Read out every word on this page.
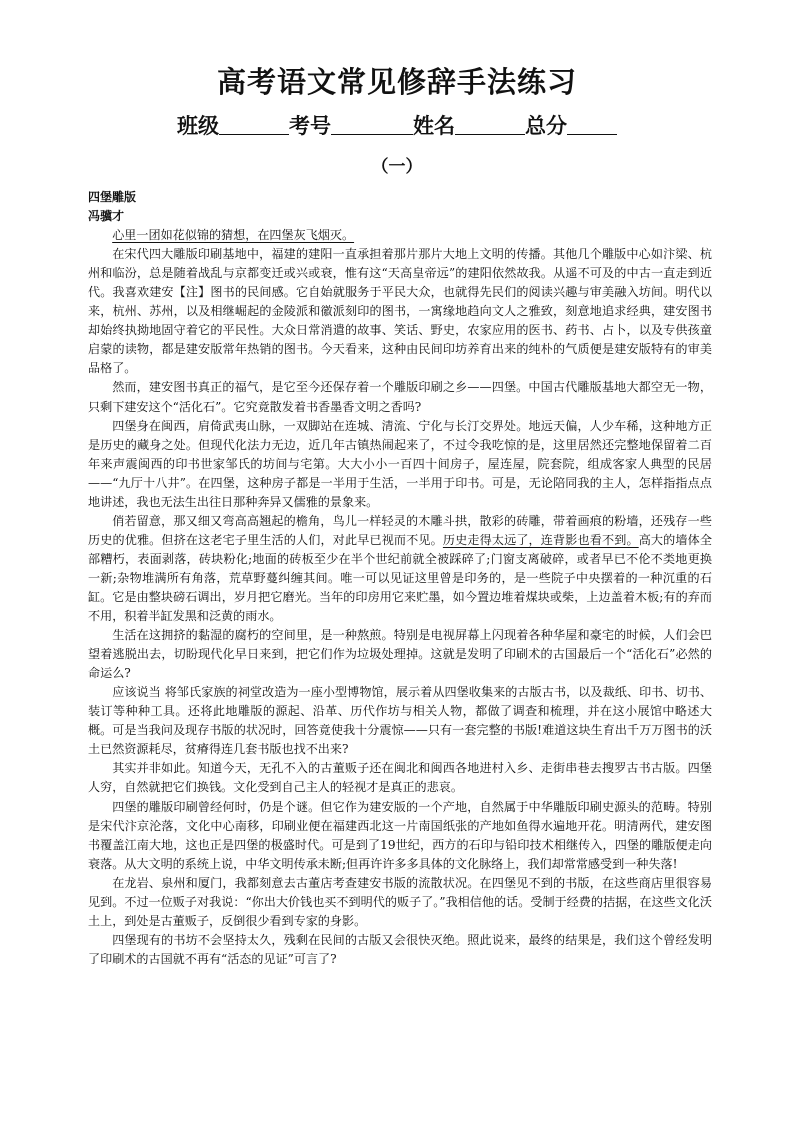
高考语文常见修辞手法练习
班级	考号	姓名	总分
（一）

四堡雕版

冯骥才

心里一团如花似锦的猜想，在四堡灰飞烟灭。

在宋代四大雕版印刷基地中，福建的建阳一直承担着那片那片大地上文明的传播。其他几个雕版中心如汴梁、杭州和临汾，总是随着战乱与京都变迁或兴或衰，惟有这“天高皇帝远”的建阳依然故我。从遥不可及的中古一直走到近代。我喜欢建安【注】图书的民间感。它自始就服务于平民大众，也就得先民们的阅读兴趣与审美融入坊间。明代以来，杭州、苏州，以及相继崛起的金陵派和徽派刻印的图书，一寓缘地趋向文人之雅致，刻意地追求经典，建安图书却始终执拗地固守着它的平民性。大众日常消遣的故事、笑话、野史，农家应用的医书、药书、占卜，以及专供孩童启蒙的读物，都是建安版常年热销的图书。今天看来，这种由民间印坊养育出来的纯朴的气质便是建安版特有的审美品格了。

然而，建安图书真正的福气，是它至今还保存着一个雕版印刷之乡——四堡。中国古代雕版基地大都空无一物，只剩下建安这个“活化石”。它究竟散发着书香墨香文明之香吗?

四堡身在闽西，肩倚武夷山脉，一双脚站在连城、清流、宁化与长汀交界处。地远天偏，人少车稀，这种地方正是历史的藏身之处。但现代化法力无边，近几年古镇热闹起来了，不过令我吃惊的是，这里居然还完整地保留着二百年来声震闽西的印书世家邹氏的坊间与宅第。大大小小一百四十间房子，屋连屋，院套院，组成客家人典型的民居——“九厅十八井”。在四堡，这种房子都是一半用于生活，一半用于印书。可是，无论陪同我的主人，怎样指指点点地讲述，我也无法生出往日那种奔异又儒雅的景象来。

俏若留意，那又细又弯高高翘起的檐角，鸟儿一样轻灵的木雕斗拱，散彩的砖雕，带着画痕的粉墙，还残存一些历史的优雅。但挤在这老宅子里生活的人们，对此早已视而不见。历史走得太远了，连背影也看不到。高大的墙体全部糟朽，表面剥落，砖块粉化;地面的砖板至少在半个世纪前就全被踩碎了;门窗支离破碎，或者早已不伦不类地更换一新;杂物堆满所有角落，荒草野蔓纠缠其间。唯一可以见证这里曾是印务的，是一些院子中央摆着的一种沉重的石缸。它是由整块磅石调出，岁月把它磨光。当年的印房用它来贮墨，如今置边堆着煤块或柴，上边盖着木板;有的弃而不用，积着半缸发黑和泛黄的雨水。

生活在这拥挤的黏湿的腐朽的空间里，是一种熬煎。特别是电视屏幕上闪现着各种华屋和豪宅的时候，人们会巴望着逃脱出去，切盼现代化早日来到，把它们作为垃圾处理掉。这就是发明了印刷术的古国最后一个“活化石”必然的命运么?

应该说当 将邹氏家族的祠堂改造为一座小型博物馆，展示着从四堡收集来的古版古书，以及裁纸、印书、切书、装订等种种工具。还将此地雕版的源起、沿革、历代作坊与相关人物，都做了调查和梳理，并在这小展馆中略述大概。可是当我问及现存书版的状况时，回答竟使我十分震惊——只有一套完整的书版!难道这块生育出千万万图书的沃土已然资源耗尽，贫瘠得连几套书版也找不出来?

其实并非如此。知道今天，无孔不入的古董贩子还在闽北和闽西各地进村入乡、走街串巷去搜罗古书古版。四堡人穷，自然就把它们换钱。文化受到自己主人的轻视才是真正的悲哀。

四堡的雕版印刷曾经何时，仍是个谜。但它作为建安版的一个产地，自然属于中华雕版印刷史源头的范畴。特别是宋代汴京沦落，文化中心南移，印刷业便在福建西北这一片南国纸张的产地如鱼得水遍地开花。明清两代，建安图书覆盖江南大地，这也正是四堡的极盛时代。可是到了19世纪，西方的石印与铅印技术相继传入，四堡的雕版便走向衰落。从大文明的系统上说，中华文明传承未断;但再许许多多具体的文化脉络上，我们却常常感受到一种失落!

在龙岩、泉州和厦门，我都刻意去古董店考查建安书版的流散状况。在四堡见不到的书版，在这些商店里很容易见到。不过一位贩子对我说：“你出大价钱也买不到明代的贩子了。”我相信他的话。受制于经费的拮据，在这些文化沃土上，到处是古董贩子，反倒很少看到专家的身影。

四堡现有的书坊不会坚持太久，残剩在民间的古版又会很快灭绝。照此说来，最终的结果是，我们这个曾经发明了印刷术的古国就不再有“活态的见证”可言了?
